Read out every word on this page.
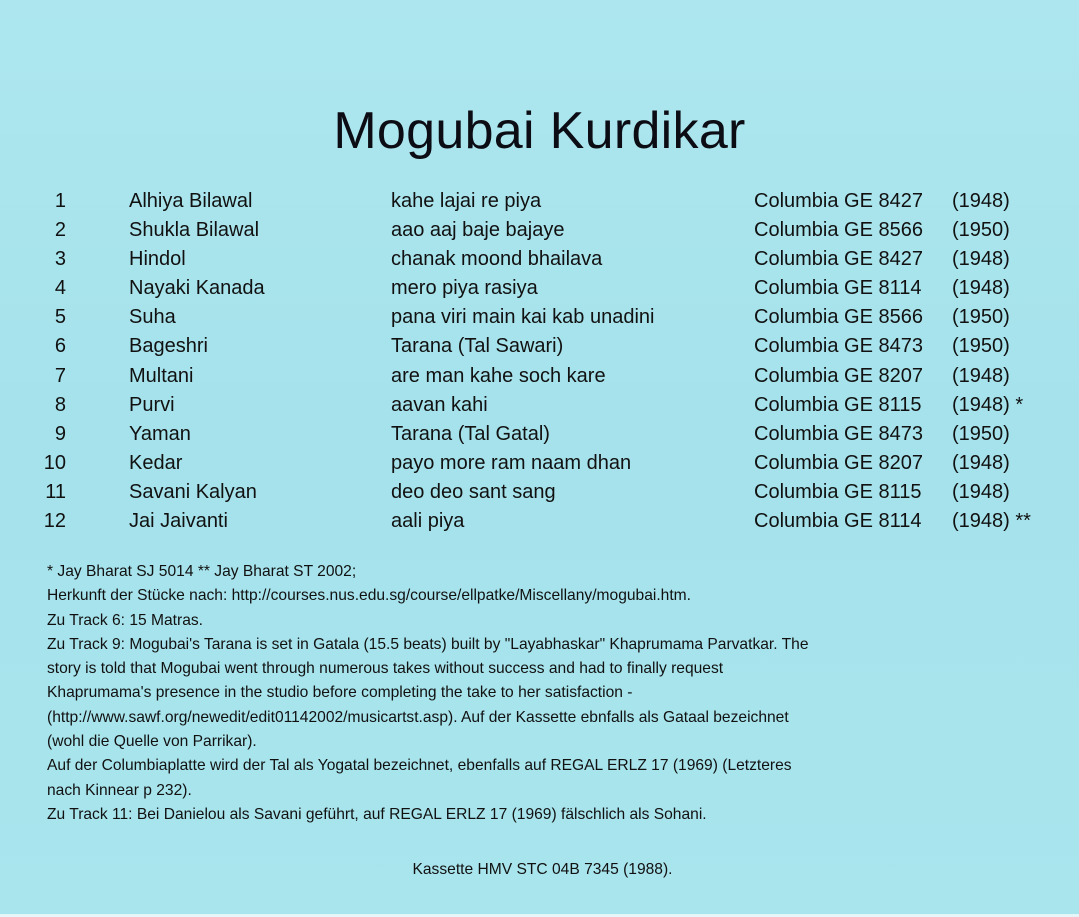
Mogubai Kurdikar
1	Alhiya Bilawal	kahe lajai re piya	Columbia GE 8427 (1948)
2	Shukla Bilawal	aao aaj baje bajaye	Columbia GE 8566 (1950)
3	Hindol	chanak moond bhailava	Columbia GE 8427 (1948)
4	Nayaki Kanada	mero piya rasiya	Columbia GE 8114 (1948)
5	Suha	pana viri main kai kab unadini	Columbia GE 8566 (1950)
6	Bageshri	Tarana (Tal Sawari)	Columbia GE 8473 (1950)
7	Multani	are man kahe soch kare	Columbia GE 8207 (1948)
8	Purvi	aavan kahi	Columbia GE 8115 (1948) *
9	Yaman	Tarana (Tal Gatal)	Columbia GE 8473 (1950)
10	Kedar	payo more ram naam dhan	Columbia GE 8207 (1948)
11	Savani Kalyan	deo deo sant sang	Columbia GE 8115 (1948)
12	Jai Jaivanti	aali piya	Columbia GE 8114 (1948) **

* Jay Bharat SJ 5014 ** Jay Bharat ST 2002;

Herkunft der Stücke nach: http://courses.nus.edu.sg/course/ellpatke/Miscellany/mogubai.htm.

Zu Track 6: 15 Matras.

Zu Track 9: Mogubai's Tarana is set in Gatala (15.5 beats) built by "Layabhaskar" Khaprumama Parvatkar. The

story is told that Mogubai went through numerous takes without success and had to finally request

Khaprumama's presence in the studio before completing the take to her satisfaction -

(http://www.sawf.org/newedit/edit01142002/musicartst.asp). Auf der Kassette ebnfalls als Gataal bezeichnet

(wohl die Quelle von Parrikar).

Auf der Columbiaplatte wird der Tal als Yogatal bezeichnet, ebenfalls auf REGAL ERLZ 17 (1969) (Letzteres

nach Kinnear p 232).

Zu Track 11: Bei Danielou als Savani geführt, auf REGAL ERLZ 17 (1969) fälschlich als Sohani.

Kassette HMV STC 04B 7345 (1988).
